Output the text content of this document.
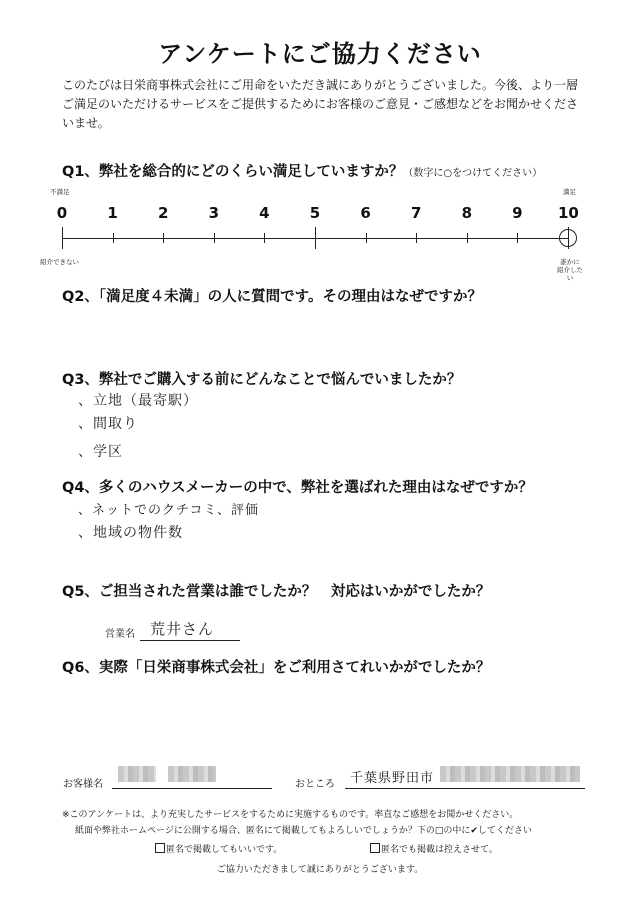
アンケートにご協力ください
このたびは日栄商事株式会社にご用命をいただき誠にありがとうございました。今後、より一層ご満足のいただけるサービスをご提供するためにお客様のご意見・ご感想などをお聞かせくださいませ。
Q1、弊社を総合的にどのくらい満足していますか？（数字に○をつけてください）
不満足	満足
0	1	2	3	4	5	6	7	8	9	10
紹介できない	誰かに
紹介したい
Q2、「満足度４未満」の人に質問です。その理由はなぜですか？
Q3、弊社でご購入する前にどんなことで悩んでいましたか？
、立地（最寄駅）
、間取り
、学区
Q4、多くのハウスメーカーの中で、弊社を選ばれた理由はなぜですか？
、ネットでのクチコミ、評価
、地域の物件数
Q5、ご担当された営業は誰でしたか？　対応はいかがでしたか？
営業名 荒井さん
Q6、実際「日栄商事株式会社」をご利用さてれいかがでしたか？
お客様名	おところ 千葉県野田市
※このアンケートは、より充実したサービスをするために実施するものです。率直なご感想をお聞かせください。
紙面や弊社ホームページに公開する場合、匿名にて掲載してもよろしいでしょうか？下の□の中に✔してください
匿名で掲載してもいいです。	匿名でも掲載は控えさせて。
ご協力いただきまして誠にありがとうございます。
